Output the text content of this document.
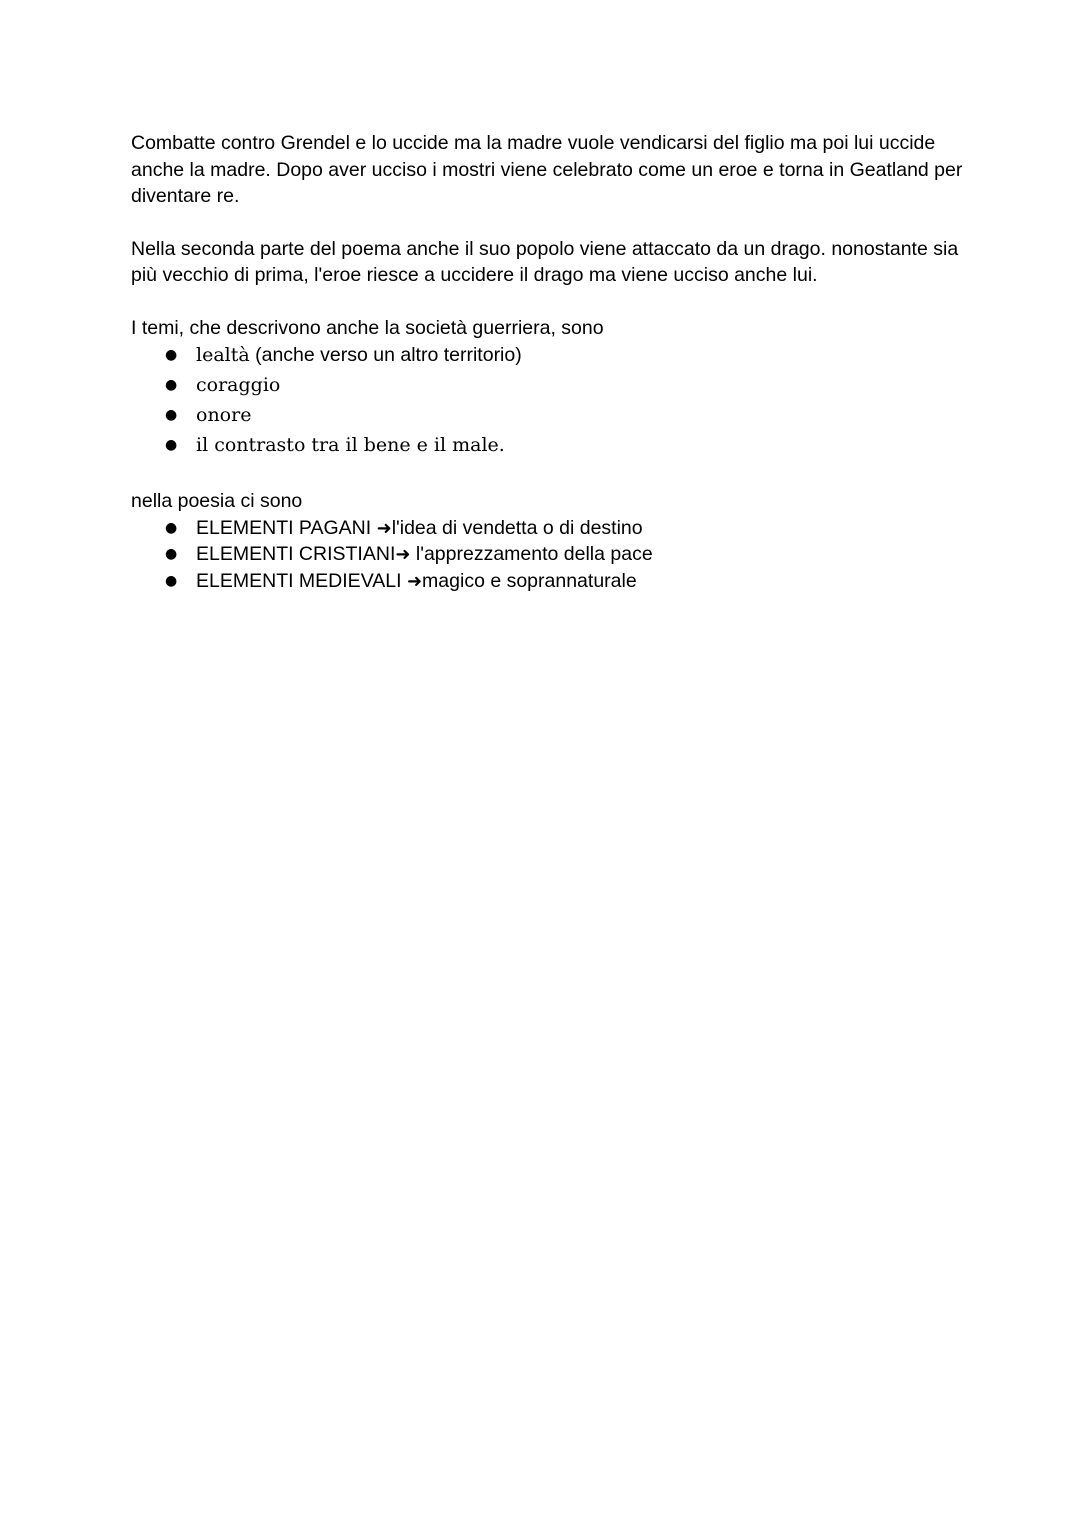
Combatte contro Grendel e lo uccide ma la madre vuole vendicarsi del figlio ma poi lui uccide anche la madre. Dopo aver ucciso i mostri viene celebrato come un eroe e torna in Geatland per diventare re.

Nella seconda parte del poema anche il suo popolo viene attaccato da un drago. nonostante sia più vecchio di prima, l'eroe riesce a uccidere il drago ma viene ucciso anche lui.

I temi, che descrivono anche la società guerriera, sono

● lealtà (anche verso un altro territorio)
● coraggio
● onore
● il contrasto tra il bene e il male.

nella poesia ci sono

● ELEMENTI PAGANI ➜l'idea di vendetta o di destino
● ELEMENTI CRISTIANI➜ l'apprezzamento della pace
● ELEMENTI MEDIEVALI ➜magico e soprannaturale
